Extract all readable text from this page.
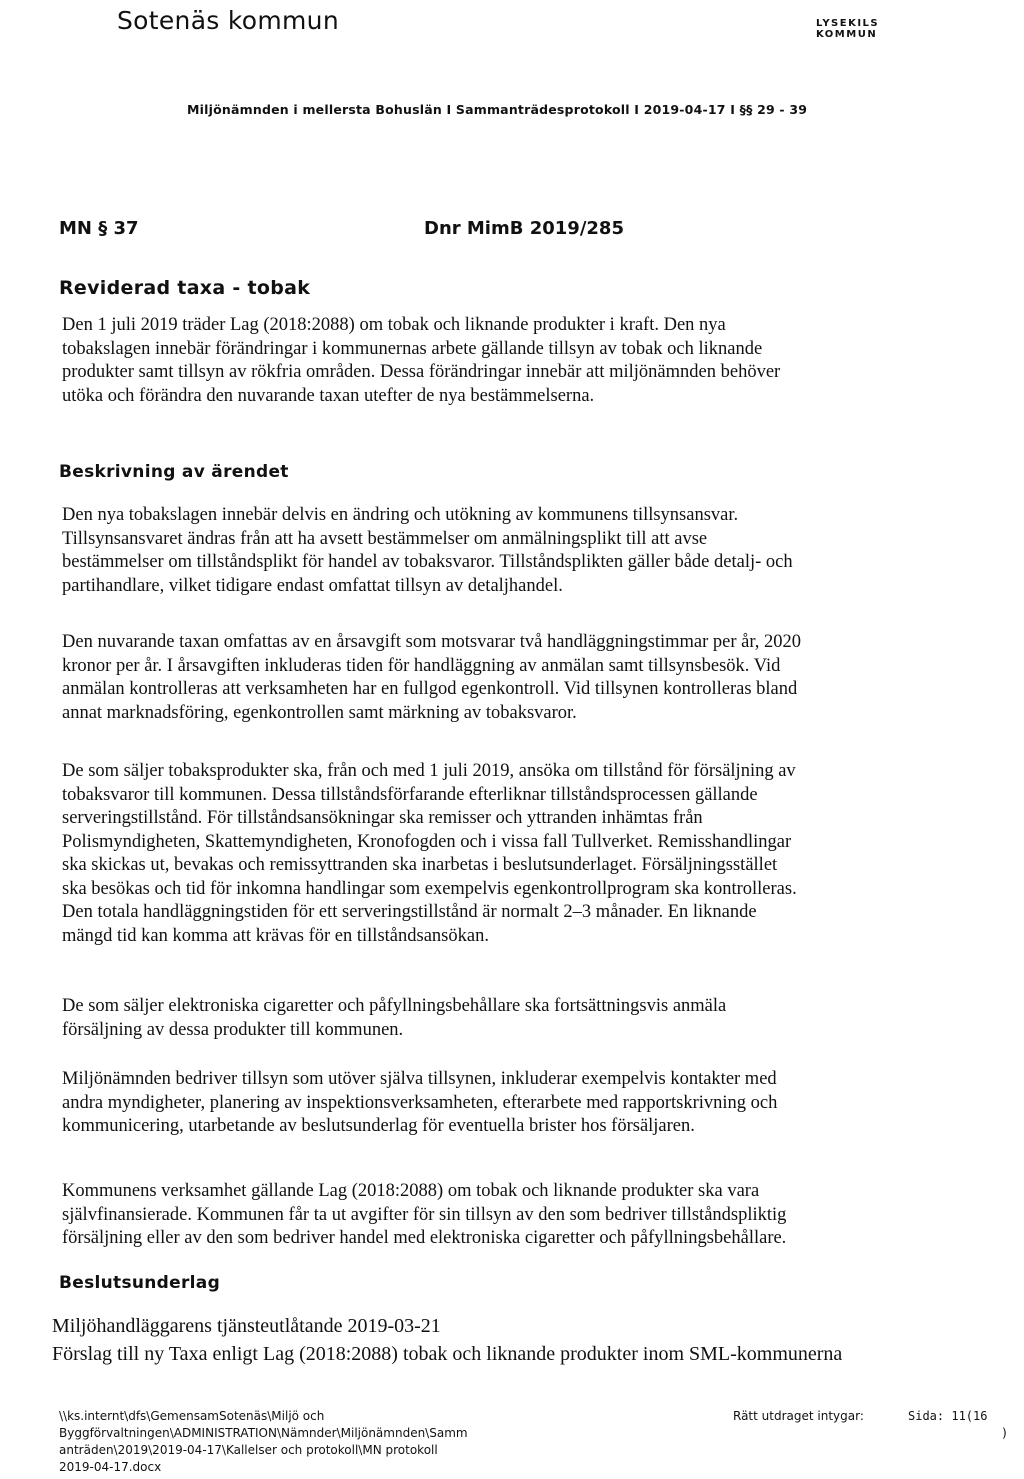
Sotenäs kommun	LYSEKILS
KOMMUN
Miljönämnden i mellersta Bohuslän I Sammanträdesprotokoll I 2019-04-17 I §§ 29 - 39
MN § 37	Dnr MimB 2019/285
Reviderad taxa - tobak
Den 1 juli 2019 träder Lag (2018:2088) om tobak och liknande produkter i kraft. Den nya
tobakslagen innebär förändringar i kommunernas arbete gällande tillsyn av tobak och liknande
produkter samt tillsyn av rökfria områden. Dessa förändringar innebär att miljönämnden behöver
utöka och förändra den nuvarande taxan utefter de nya bestämmelserna.
Beskrivning av ärendet
Den nya tobakslagen innebär delvis en ändring och utökning av kommunens tillsynsansvar.
Tillsynsansvaret ändras från att ha avsett bestämmelser om anmälningsplikt till att avse
bestämmelser om tillståndsplikt för handel av tobaksvaror. Tillståndsplikten gäller både detalj- och
partihandlare, vilket tidigare endast omfattat tillsyn av detaljhandel.
Den nuvarande taxan omfattas av en årsavgift som motsvarar två handläggningstimmar per år, 2020
kronor per år. I årsavgiften inkluderas tiden för handläggning av anmälan samt tillsynsbesök. Vid
anmälan kontrolleras att verksamheten har en fullgod egenkontroll. Vid tillsynen kontrolleras bland
annat marknadsföring, egenkontrollen samt märkning av tobaksvaror.
De som säljer tobaksprodukter ska, från och med 1 juli 2019, ansöka om tillstånd för försäljning av
tobaksvaror till kommunen. Dessa tillståndsförfarande efterliknar tillståndsprocessen gällande
serveringstillstånd. För tillståndsansökningar ska remisser och yttranden inhämtas från
Polismyndigheten, Skattemyndigheten, Kronofogden och i vissa fall Tullverket. Remisshandlingar
ska skickas ut, bevakas och remissyttranden ska inarbetas i beslutsunderlaget. Försäljningsstället
ska besökas och tid för inkomna handlingar som exempelvis egenkontrollprogram ska kontrolleras.
Den totala handläggningstiden för ett serveringstillstånd är normalt 2–3 månader. En liknande
mängd tid kan komma att krävas för en tillståndsansökan.
De som säljer elektroniska cigaretter och påfyllningsbehållare ska fortsättningsvis anmäla
försäljning av dessa produkter till kommunen.
Miljönämnden bedriver tillsyn som utöver själva tillsynen, inkluderar exempelvis kontakter med
andra myndigheter, planering av inspektionsverksamheten, efterarbete med rapportskrivning och
kommunicering, utarbetande av beslutsunderlag för eventuella brister hos försäljaren.
Kommunens verksamhet gällande Lag (2018:2088) om tobak och liknande produkter ska vara
självfinansierade. Kommunen får ta ut avgifter för sin tillsyn av den som bedriver tillståndspliktig
försäljning eller av den som bedriver handel med elektroniska cigaretter och påfyllningsbehållare.
Beslutsunderlag
Miljöhandläggarens tjänsteutlåtande 2019-03-21
Förslag till ny Taxa enligt Lag (2018:2088) tobak och liknande produkter inom SML-kommunerna
\\ks.internt\dfs\GemensamSotenäs\Miljö och
Byggförvaltningen\ADMINISTRATION\Nämnder\Miljönämnden\Samm
anträden\2019\2019-04-17\Kallelser och protokoll\MN protokoll
2019-04-17.docx
Rätt utdraget intygar:	Sida: 11(16
)
